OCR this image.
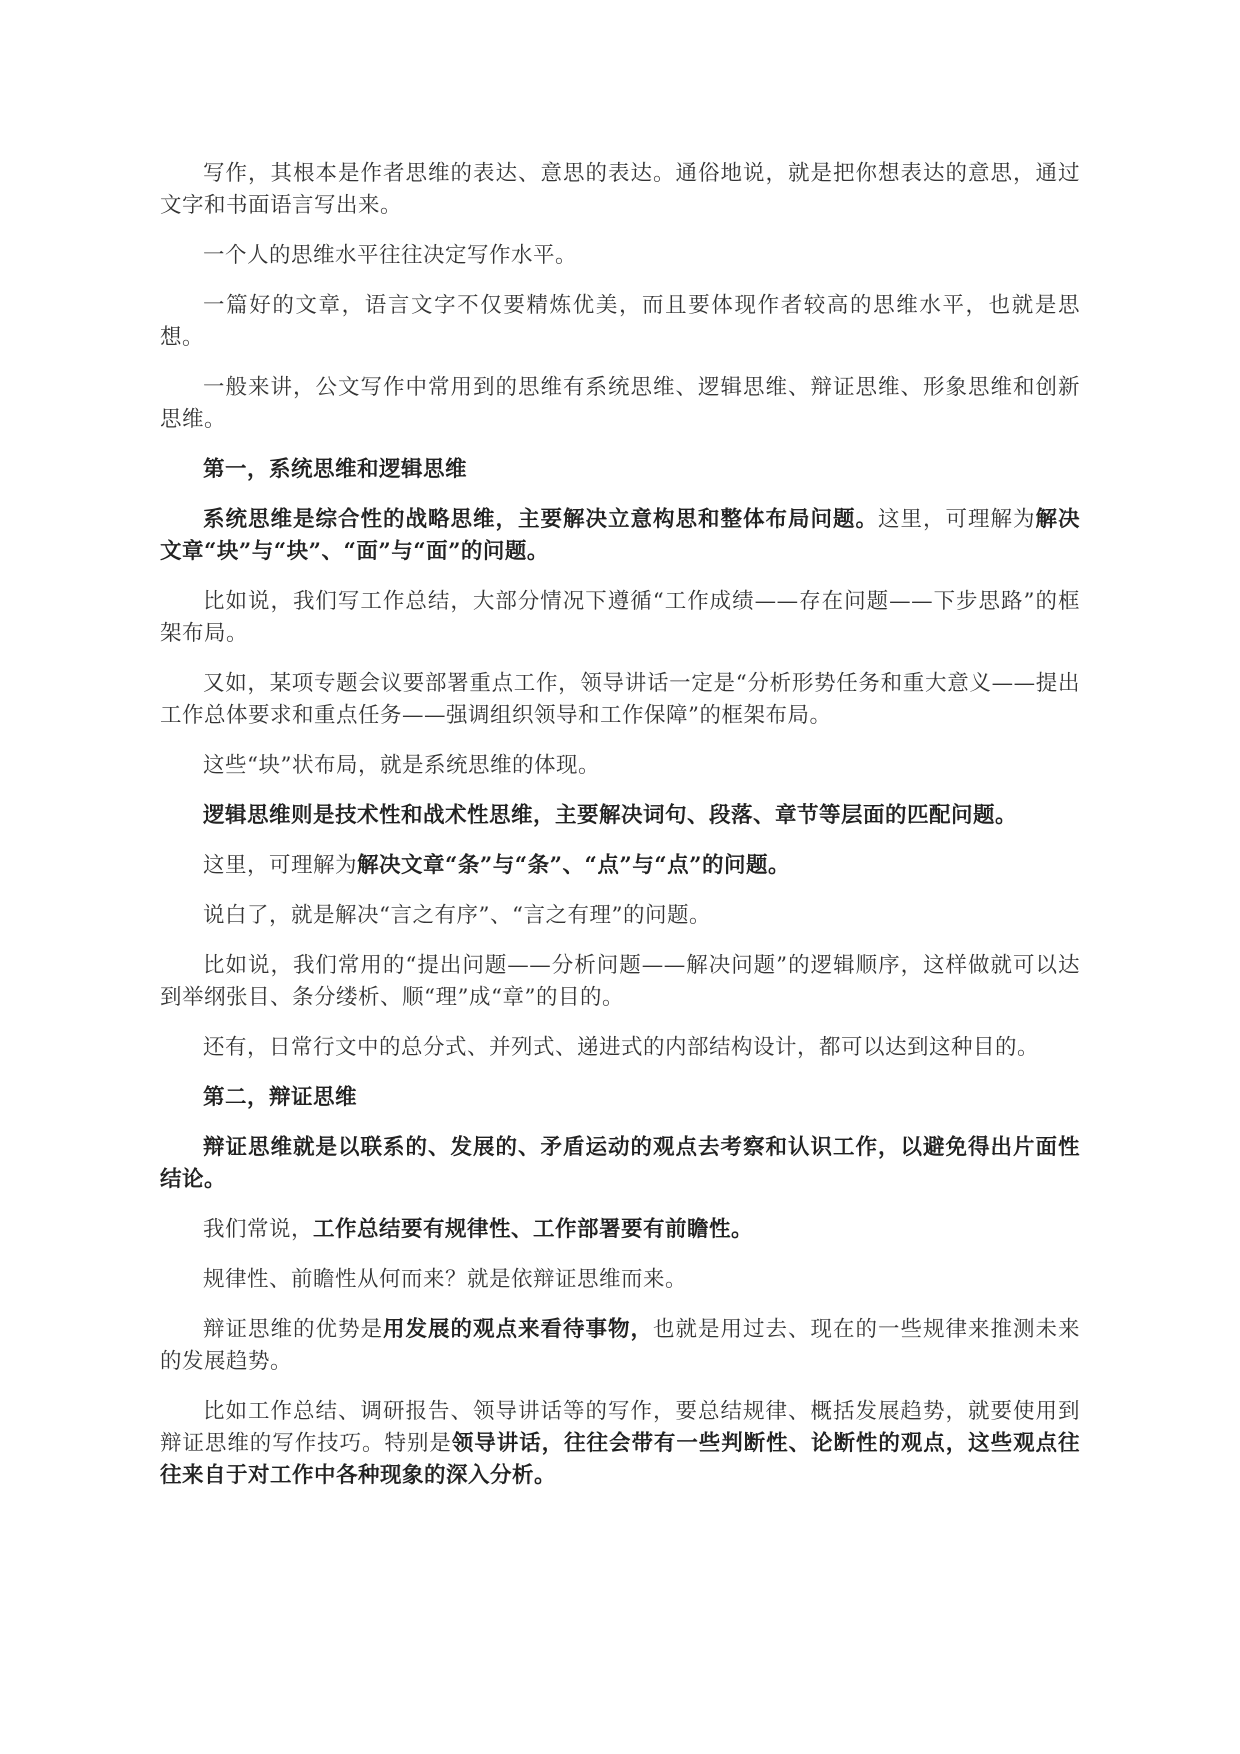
写作，其根本是作者思维的表达、意思的表达。通俗地说，就是把你想表达的意思，通过文字和书面语言写出来。

一个人的思维水平往往决定写作水平。

一篇好的文章，语言文字不仅要精炼优美，而且要体现作者较高的思维水平，也就是思想。

一般来讲，公文写作中常用到的思维有系统思维、逻辑思维、辩证思维、形象思维和创新思维。

第一，系统思维和逻辑思维

系统思维是综合性的战略思维，主要解决立意构思和整体布局问题。这里，可理解为解决文章“块”与“块”、“面”与“面”的问题。

比如说，我们写工作总结，大部分情况下遵循“工作成绩——存在问题——下步思路”的框架布局。

又如，某项专题会议要部署重点工作，领导讲话一定是“分析形势任务和重大意义——提出工作总体要求和重点任务——强调组织领导和工作保障”的框架布局。

这些“块”状布局，就是系统思维的体现。

逻辑思维则是技术性和战术性思维，主要解决词句、段落、章节等层面的匹配问题。

这里，可理解为解决文章“条”与“条”、“点”与“点”的问题。

说白了，就是解决“言之有序”、“言之有理”的问题。

比如说，我们常用的“提出问题——分析问题——解决问题”的逻辑顺序，这样做就可以达到举纲张目、条分缕析、顺“理”成“章”的目的。

还有，日常行文中的总分式、并列式、递进式的内部结构设计，都可以达到这种目的。

第二，辩证思维

辩证思维就是以联系的、发展的、矛盾运动的观点去考察和认识工作，以避免得出片面性结论。

我们常说，工作总结要有规律性、工作部署要有前瞻性。

规律性、前瞻性从何而来？就是依辩证思维而来。

辩证思维的优势是用发展的观点来看待事物，也就是用过去、现在的一些规律来推测未来的发展趋势。

比如工作总结、调研报告、领导讲话等的写作，要总结规律、概括发展趋势，就要使用到辩证思维的写作技巧。特别是领导讲话，往往会带有一些判断性、论断性的观点，这些观点往往来自于对工作中各种现象的深入分析。
